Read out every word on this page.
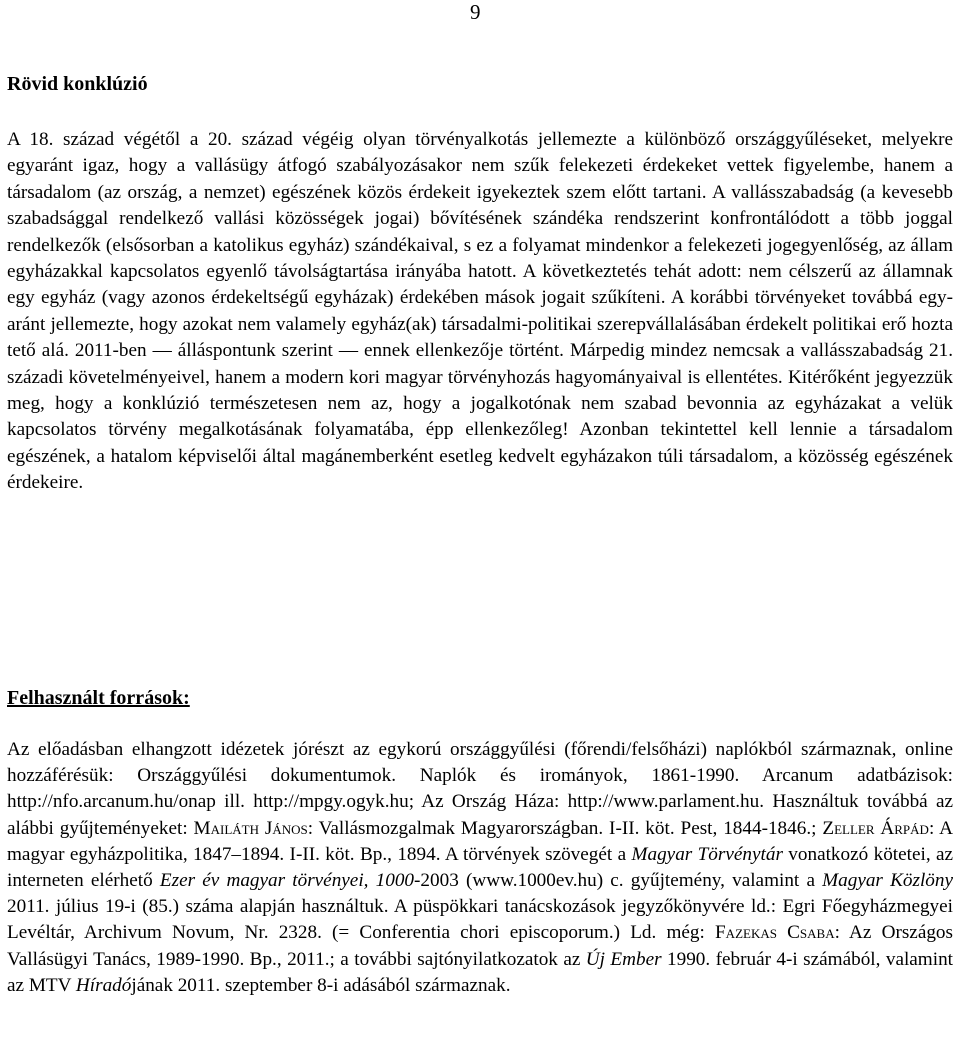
9
Rövid konklúzió

A 18. század végétől a 20. század végéig olyan törvényalkotás jellemezte a különböző országgyűléseket, melyekre egyaránt igaz, hogy a vallásügy átfogó szabályozásakor nem szűk felekezeti érdekeket vettek figyelembe, hanem a társadalom (az ország, a nemzet) egészének közös érdekeit igyekeztek szem előtt tartani. A vallásszabadság (a kevesebb szabadsággal rendelkező vallási közösségek jogai) bővítésének szándéka rendszerint konfrontálódott a több joggal rendelkezők (elsősorban a katolikus egyház) szándékaival, s ez a folyamat mindenkor a felekezeti jogegyenlőség, az állam egyházakkal kapcsolatos egyenlő távolságtartása irányába hatott. A következtetés tehát adott: nem célszerű az államnak egy egyház (vagy azonos érdekeltségű egyházak) érdekében mások jogait szűkíteni. A korábbi törvényeket továbbá egyaránt jellemezte, hogy azokat nem valamely egyház(ak) társadalmi-politikai szerepvállalásában érdekelt politikai erő hozta tető alá. 2011-ben — álláspontunk szerint — ennek ellenkezője történt. Márpedig mindez nemcsak a vallásszabadság 21. századi követelményeivel, hanem a modern kori magyar törvényhozás hagyományaival is ellentétes. Kitérőként jegyezzük meg, hogy a konklúzió természetesen nem az, hogy a jogalkotónak nem szabad bevonnia az egyházakat a velük kapcsolatos törvény megalkotásának folyamatába, épp ellenkezőleg! Azonban tekintettel kell lennie a társadalom egészének, a hatalom képviselői által magánemberként esetleg kedvelt egyházakon túli társadalom, a közösség egészének érdekeire.

Felhasznált források:

Az előadásban elhangzott idézetek jórészt az egykorú országgyűlési (főrendi/felsőházi) naplókból származnak, online hozzáférésük: Országgyűlési dokumentumok. Naplók és irományok, 1861-1990. Arcanum adatbázisok: http://nfo.arcanum.hu/onap ill. http://mpgy.ogyk.hu; Az Ország Háza: http://www.parlament.hu. Használtuk továbbá az alábbi gyűjteményeket: Mailáth János: Vallásmozgalmak Magyarországban. I-II. köt. Pest, 1844-1846.; Zeller Árpád: A magyar egyházpolitika, 1847–1894. I-II. köt. Bp., 1894. A törvények szövegét a Magyar Törvénytár vonatkozó kötetei, az interneten elérhető Ezer év magyar törvényei, 1000-2003 (www.1000ev.hu) c. gyűjtemény, valamint a Magyar Közlöny 2011. július 19-i (85.) száma alapján használtuk. A püspökkari tanácskozások jegyzőkönyvére ld.: Egri Főegyházmegyei Levéltár, Archivum Novum, Nr. 2328. (= Conferentia chori episcoporum.) Ld. még: Fazekas Csaba: Az Országos Vallásügyi Tanács, 1989-1990. Bp., 2011.; a további sajtónyilatkozatok az Új Ember 1990. február 4-i számából, valamint az MTV Híradójának 2011. szeptember 8-i adásából származnak.
